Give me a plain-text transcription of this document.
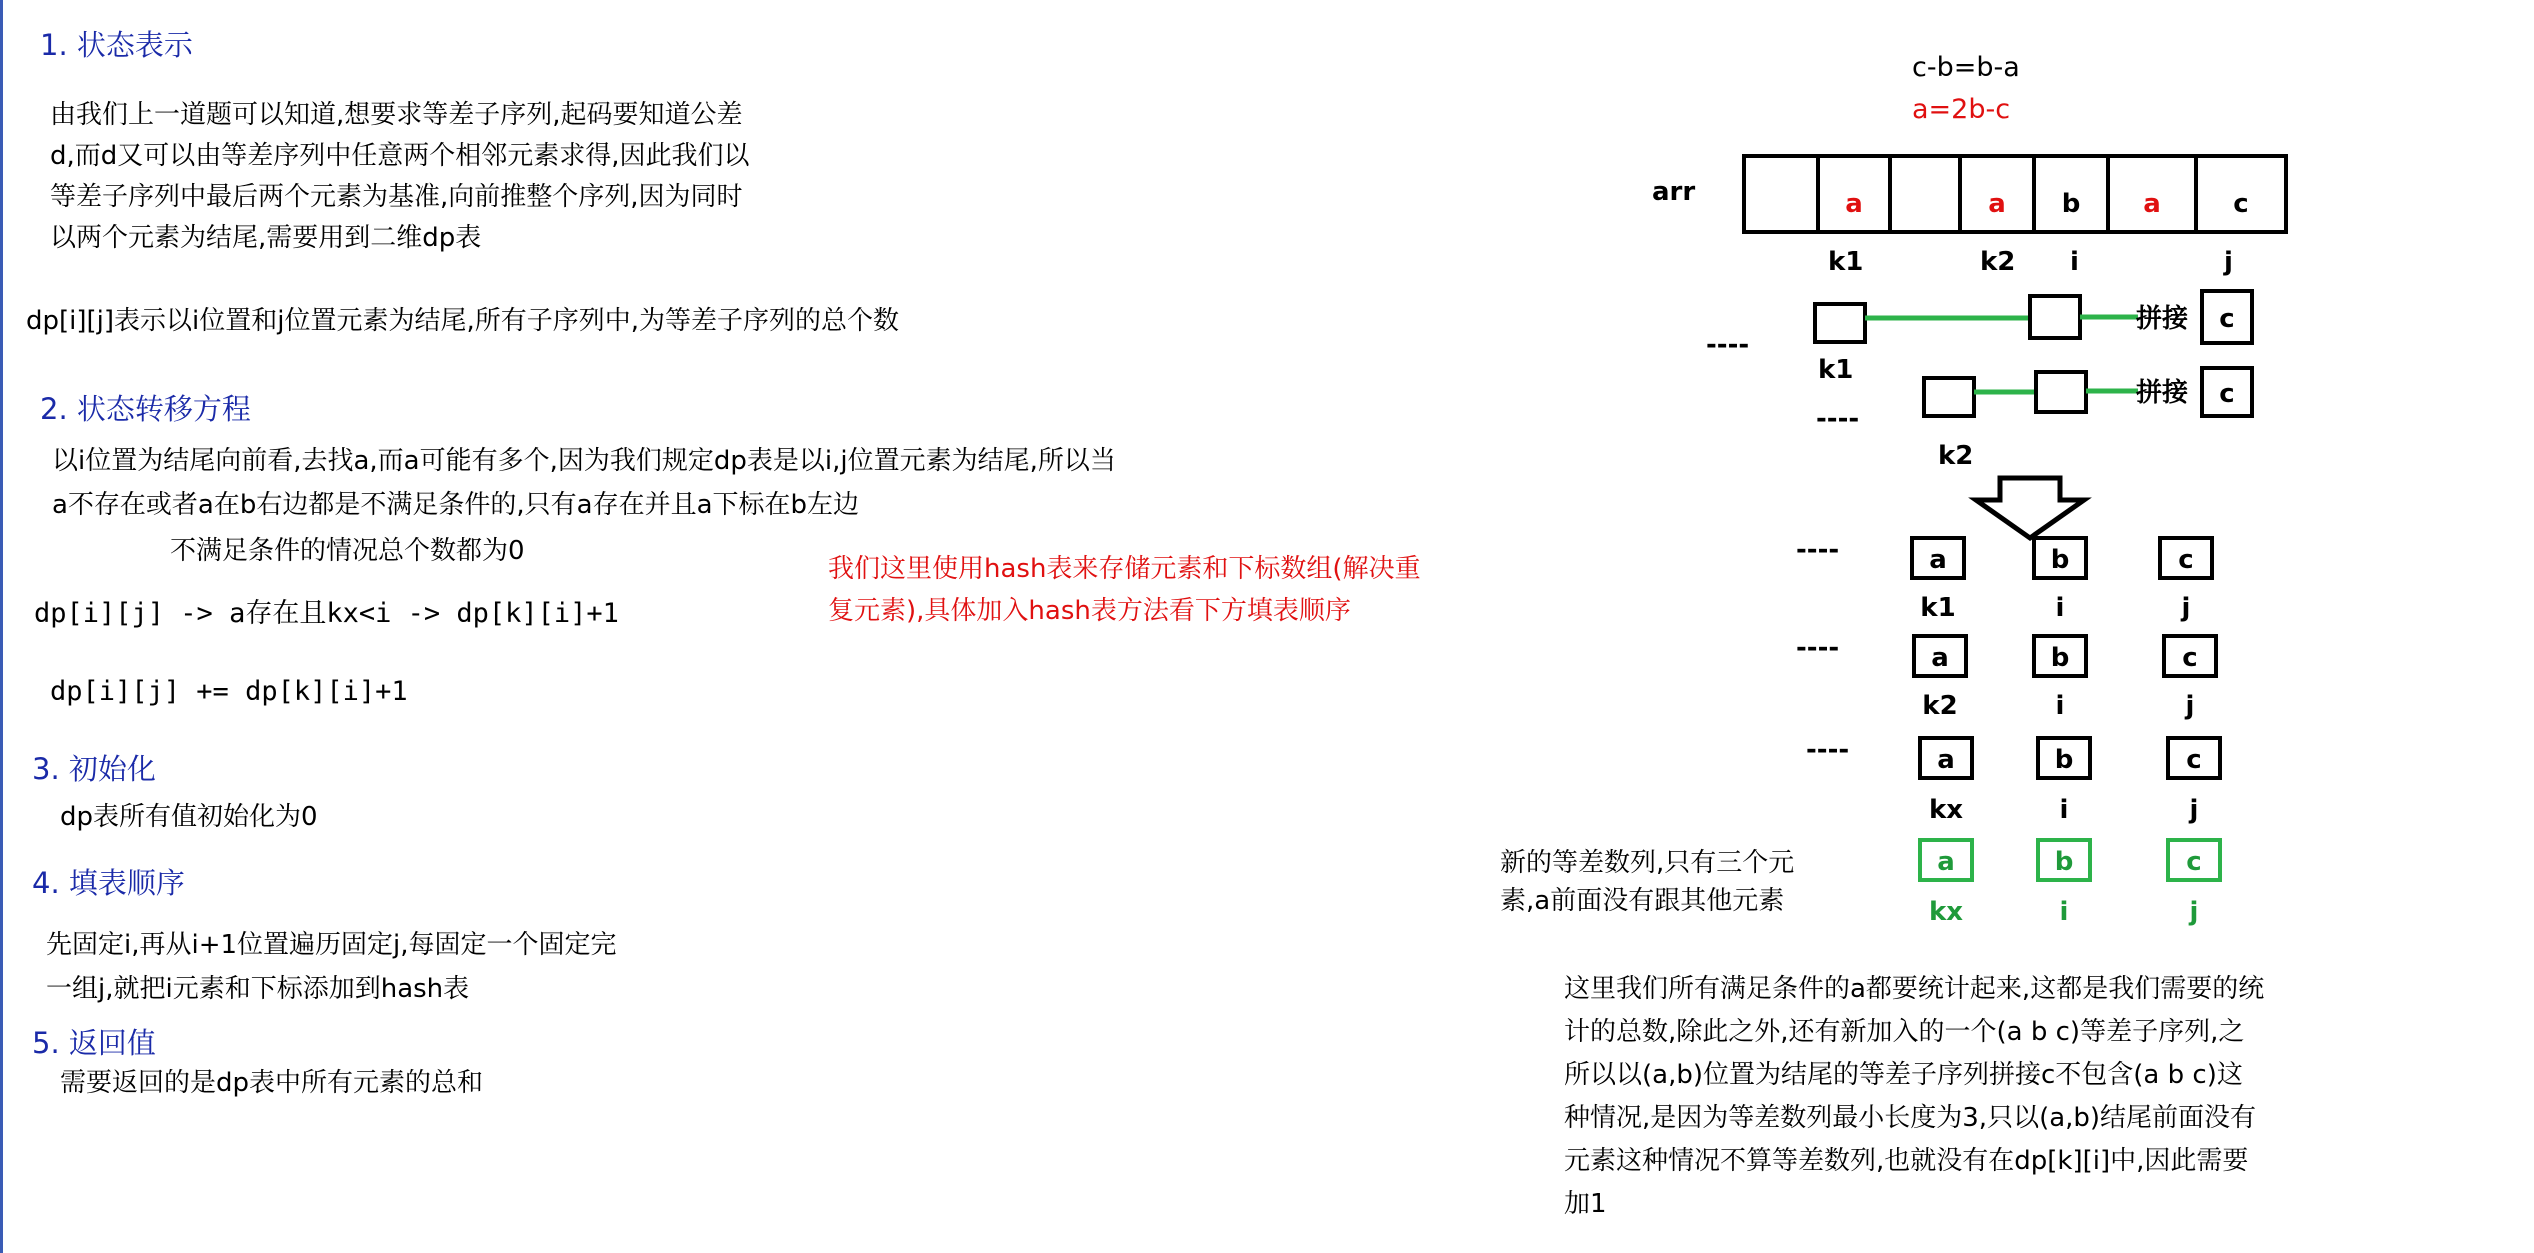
1. 状态表示
由我们上一道题可以知道,想要求等差子序列,起码要知道公差
d,而d又可以由等差序列中任意两个相邻元素求得,因此我们以
等差子序列中最后两个元素为基准,向前推整个序列,因为同时
以两个元素为结尾,需要用到二维dp表
dp[i][j]表示以i位置和j位置元素为结尾,所有子序列中,为等差子序列的总个数
2. 状态转移方程
以i位置为结尾向前看,去找a,而a可能有多个,因为我们规定dp表是以i,j位置元素为结尾,所以当
a不存在或者a在b右边都是不满足条件的,只有a存在并且a下标在b左边
不满足条件的情况总个数都为0
dp[i][j] -> a存在且kx<i -> dp[k][i]+1
dp[i][j] += dp[k][i]+1
我们这里使用hash表来存储元素和下标数组(解决重
复元素),具体加入hash表方法看下方填表顺序
3. 初始化
dp表所有值初始化为0
4. 填表顺序
先固定i,再从i+1位置遍历固定j,每固定一个固定完
一组j,就把i元素和下标添加到hash表
5. 返回值
需要返回的是dp表中所有元素的总和
新的等差数列,只有三个元
素,a前面没有跟其他元素
这里我们所有满足条件的a都要统计起来,这都是我们需要的统
计的总数,除此之外,还有新加入的一个(a b c)等差子序列,之
所以以(a,b)位置为结尾的等差子序列拼接c不包含(a b c)这
种情况,是因为等差数列最小长度为3,只以(a,b)结尾前面没有
元素这种情况不算等差数列,也就没有在dp[k][i]中,因此需要
加1
c-b=b-a
a=2b-c
arr	a	a b a	c
k1	k2 i	j
----
拼接 c
k1
----
拼接 c
k2
----	a	b	c
k1	i	j
----	a	b	c
k2	i	j
----	a	b	c
kx	i	j
a	b	c
kx	i	j
